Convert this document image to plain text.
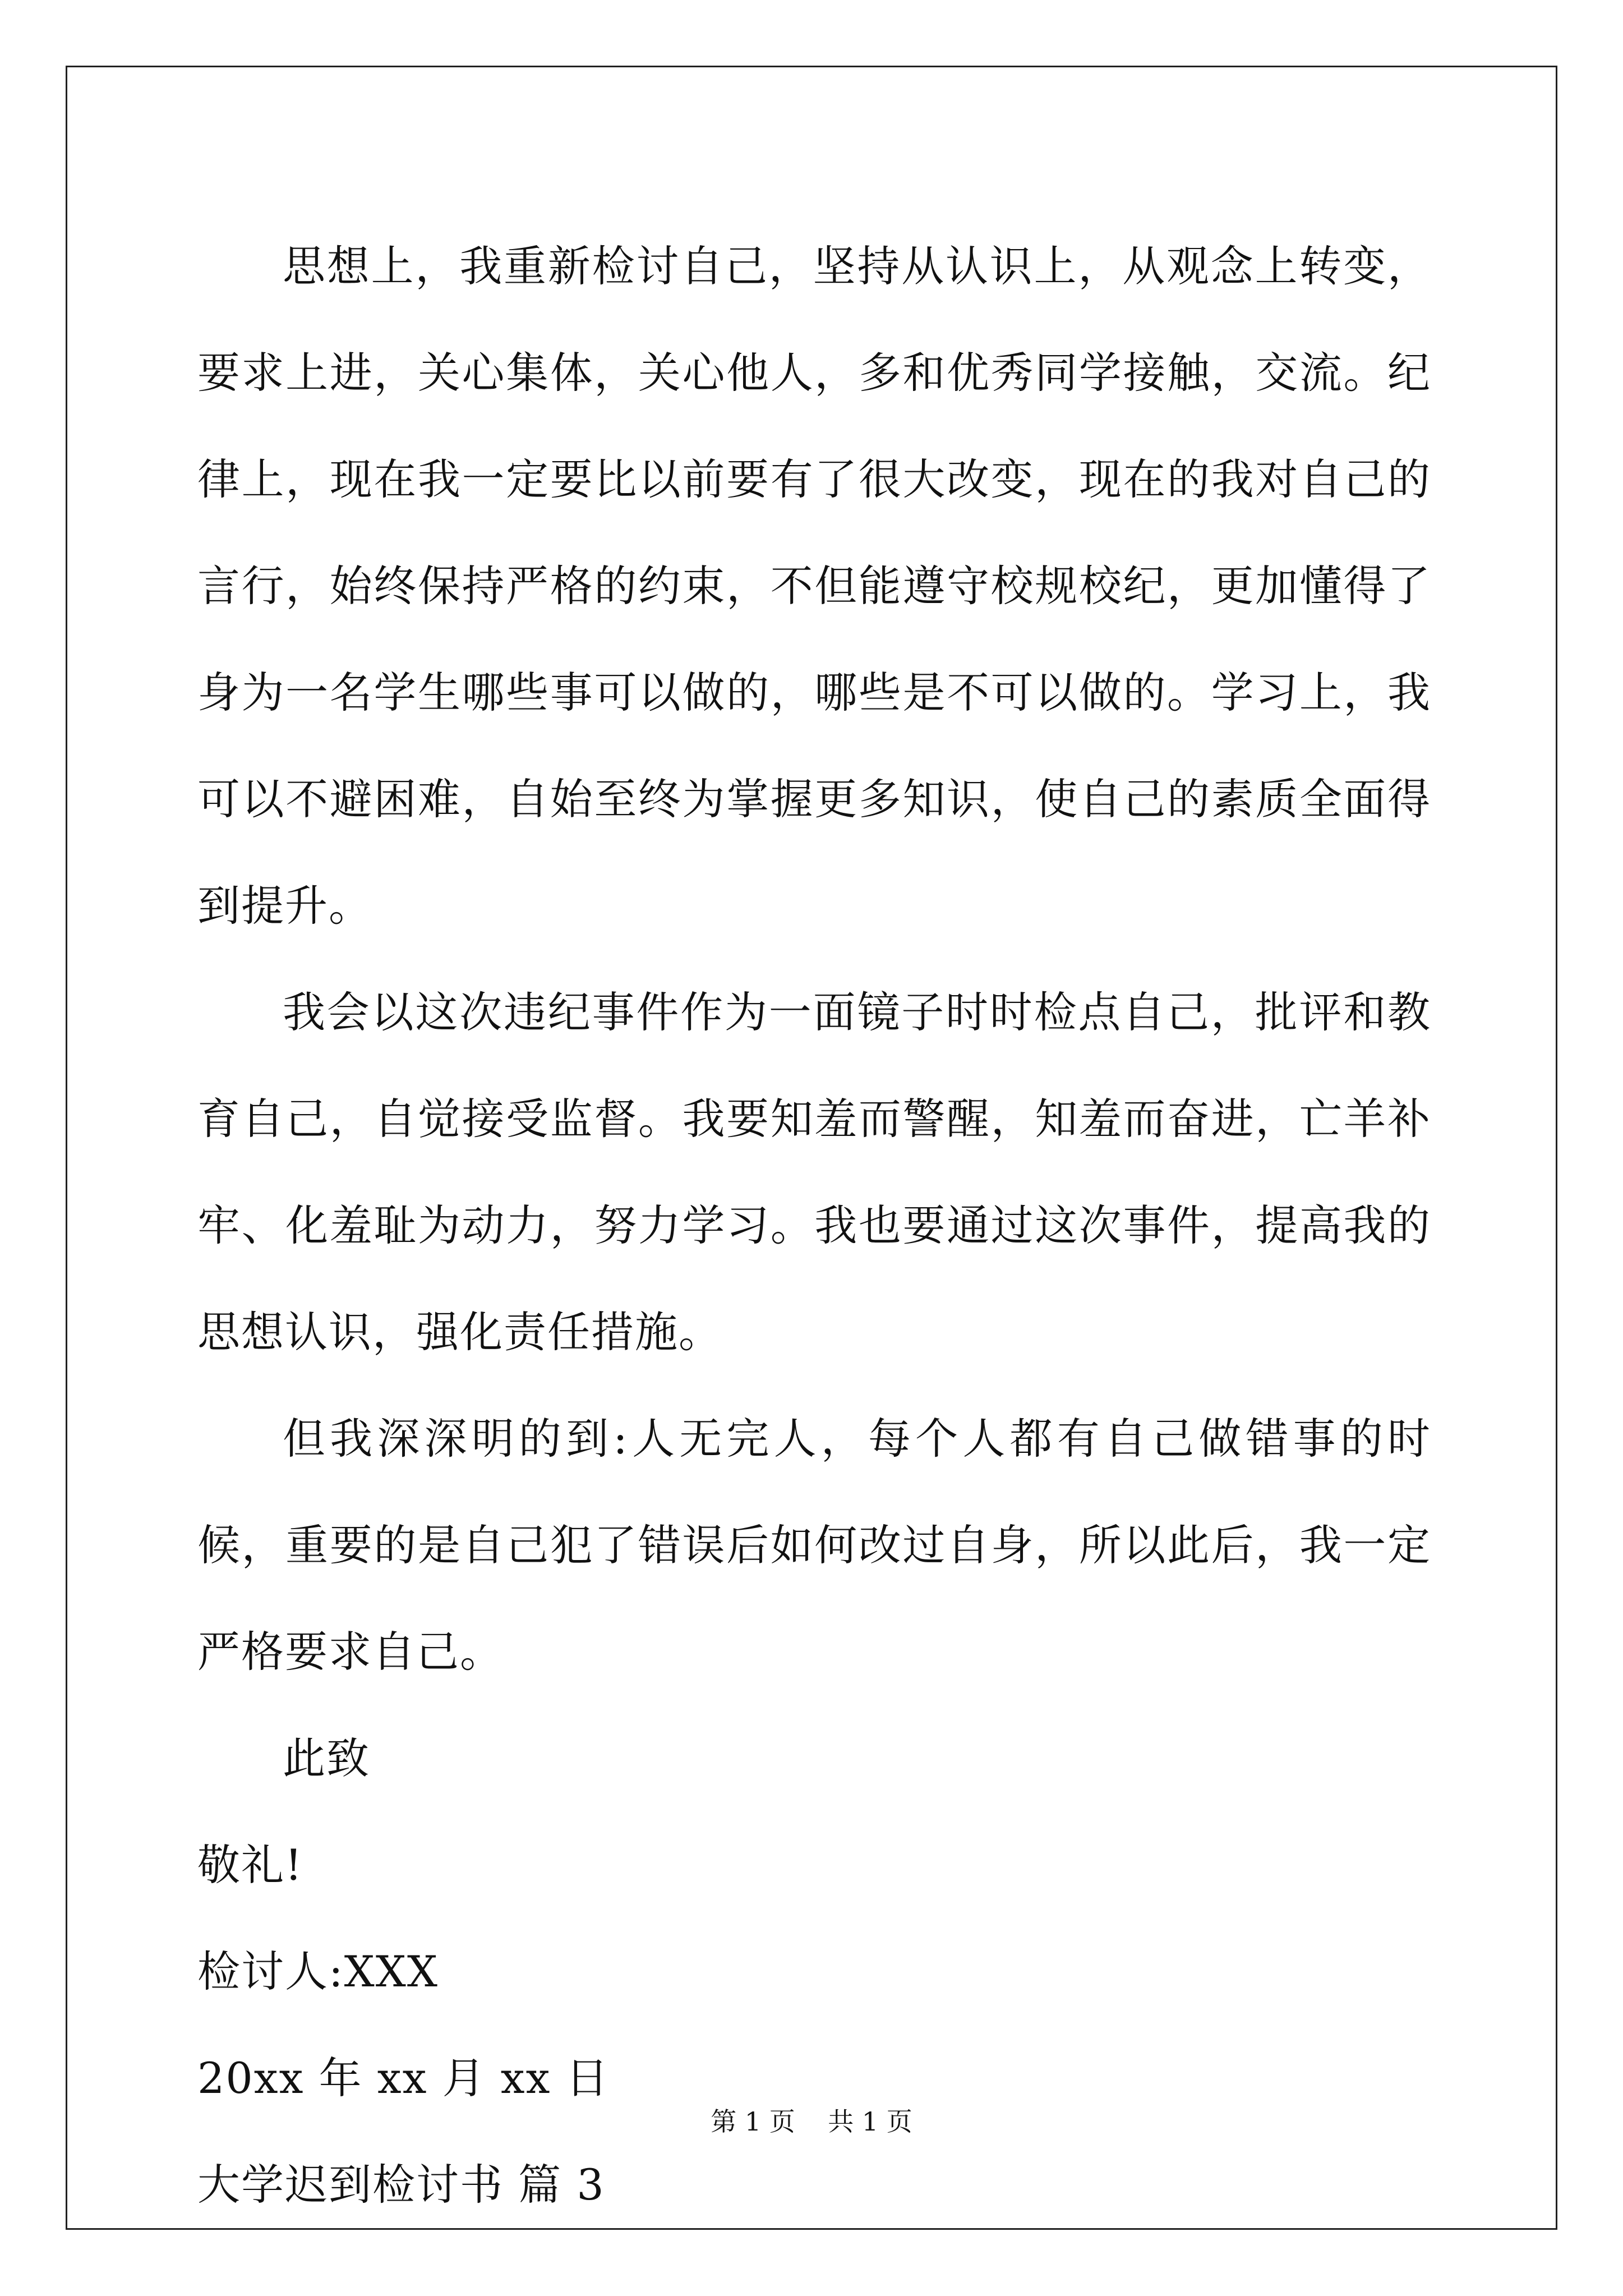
思想上，我重新检讨自己，坚持从认识上，从观念上转变，要求上进，关心集体，关心他人，多和优秀同学接触，交流。纪律上，现在我一定要比以前要有了很大改变，现在的我对自己的言行，始终保持严格的约束，不但能遵守校规校纪，更加懂得了身为一名学生哪些事可以做的，哪些是不可以做的。学习上，我可以不避困难，自始至终为掌握更多知识，使自己的素质全面得到提升。

我会以这次违纪事件作为一面镜子时时检点自己，批评和教育自己，自觉接受监督。我要知羞而警醒，知羞而奋进，亡羊补牢、化羞耻为动力，努力学习。我也要通过这次事件，提高我的思想认识，强化责任措施。

但我深深明的到:人无完人，每个人都有自己做错事的时候，重要的是自己犯了错误后如何改过自身，所以此后，我一定严格要求自己。

此致

敬礼!

检讨人:XXX

20xx 年 xx 月 xx 日

大学迟到检讨书 篇 3

第 1 页    共 1 页
